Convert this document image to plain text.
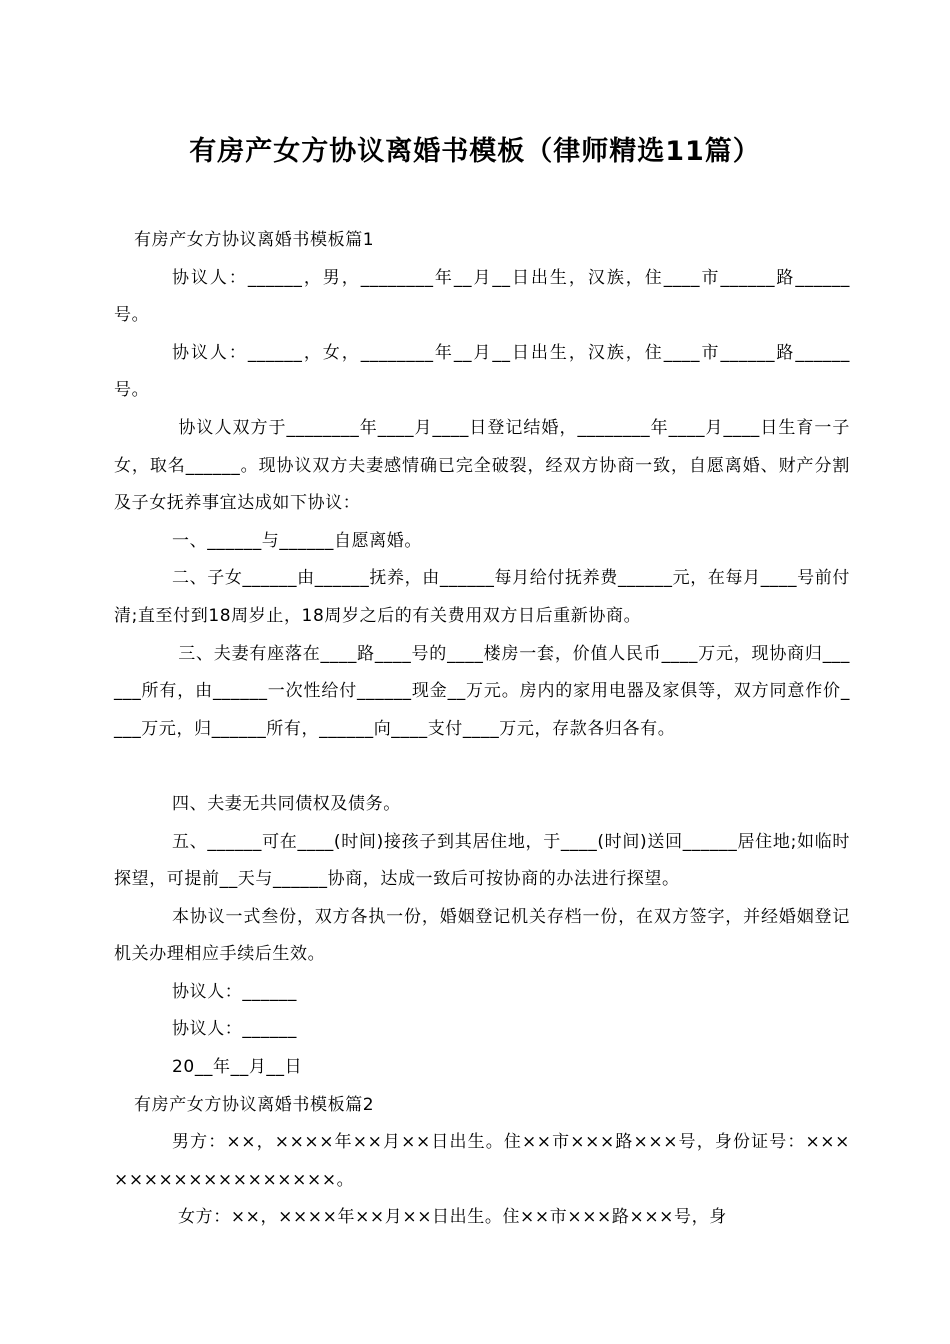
有房产女方协议离婚书模板（律师精选11篇）

有房产女方协议离婚书模板篇1

协议人：______，男，________年__月__日出生，汉族，住____市______路______号。

协议人：______，女，________年__月__日出生，汉族，住____市______路______号。

协议人双方于________年____月____日登记结婚，________年____月____日生育一子女，取名______。现协议双方夫妻感情确已完全破裂，经双方协商一致，自愿离婚、财产分割及子女抚养事宜达成如下协议：

一、______与______自愿离婚。

二、子女______由______抚养，由______每月给付抚养费______元，在每月____号前付清;直至付到18周岁止，18周岁之后的有关费用双方日后重新协商。

三、夫妻有座落在____路____号的____楼房一套，价值人民币____万元，现协商归______所有，由______一次性给付______现金__万元。房内的家用电器及家俱等，双方同意作价____万元，归______所有，______向____支付____万元，存款各归各有。

四、夫妻无共同债权及债务。

五、______可在____(时间)接孩子到其居住地，于____(时间)送回______居住地;如临时探望，可提前__天与______协商，达成一致后可按协商的办法进行探望。

本协议一式叁份，双方各执一份，婚姻登记机关存档一份，在双方签字，并经婚姻登记机关办理相应手续后生效。

协议人：______

协议人：______

20__年__月__日

有房产女方协议离婚书模板篇2

男方：××，××××年××月××日出生。住××市×××路×××号，身份证号：××××××××××××××××××。

女方：××，××××年××月××日出生。住××市×××路×××号，身
